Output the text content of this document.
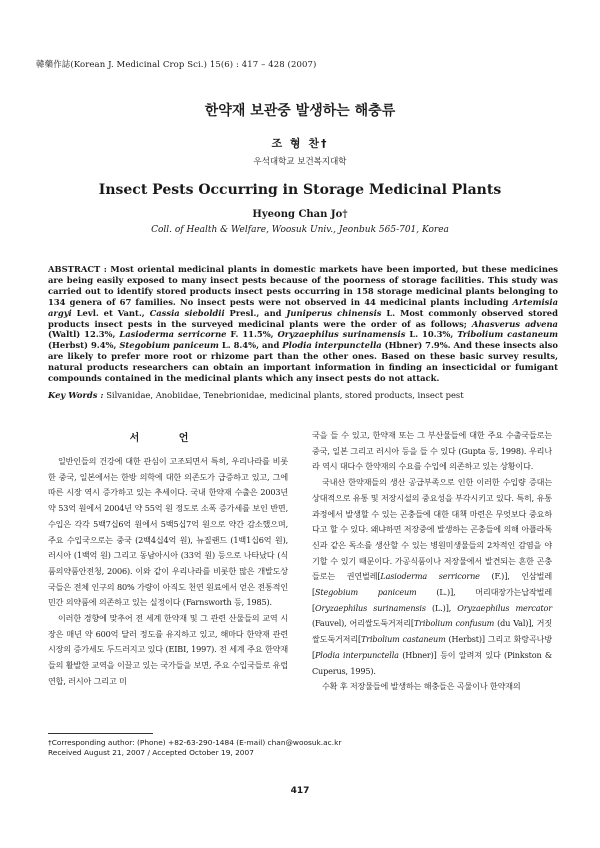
韓藥作誌(Korean J. Medicinal Crop Sci.) 15(6) : 417 – 428 (2007)
한약재 보관중 발생하는 해충류
조 형 찬†
우석대학교 보건복지대학
Insect Pests Occurring in Storage Medicinal Plants
Hyeong Chan Jo†
Coll. of Health & Welfare, Woosuk Univ., Jeonbuk 565-701, Korea
ABSTRACT : Most oriental medicinal plants in domestic markets have been imported, but these medicines are being easily exposed to many insect pests because of the poorness of storage facilities. This study was carried out to identify stored products insect pests occurring in 158 storage medicinal plants belonging to 134 genera of 67 families. No insect pests were not observed in 44 medicinal plants including Artemisia argyi Levl. et Vant., Cassia sieboldii Presl., and Juniperus chinensis L. Most commonly observed stored products insect pests in the surveyed medicinal plants were the order of as follows; Ahasverus advena (Waltl) 12.3%, Lasioderma serricorne F. 11.5%, Oryzaephilus surinamensis L. 10.3%, Tribolium castaneum (Herbst) 9.4%, Stegobium paniceum L. 8.4%, and Plodia interpunctella (Hbner) 7.9%. And these insects also are likely to prefer more root or rhizome part than the other ones. Based on these basic survey results, natural products researchers can obtain an important information in finding an insecticidal or fumigant compounds contained in the medicinal plants which any insect pests do not attack.
Key Words : Silvanidae, Anobiidae, Tenebrionidae, medicinal plants, stored products, insect pest

서 언

일반인들의 건강에 대한 관심이 고조되면서 특히, 우리나라를 비롯한 중국, 일본에서는 한방 의학에 대한 의존도가 급증하고 있고, 그에 따른 시장 역시 증가하고 있는 추세이다. 국내 한약재 수출은 2003년 약 53억 원에서 2004년 약 55억 원 정도로 소폭 증가세를 보인 반면, 수입은 각각 5백7십6억 원에서 5백5십7억 원으로 약간 감소했으며, 주요 수입국으로는 중국 (2백4십4억 원), 뉴질랜드 (1백1십6억 원), 러시아 (1백억 원) 그리고 동남아시아 (33억 원) 등으로 나타났다 (식품의약품안전청, 2006). 이와 같이 우리나라를 비롯한 많은 개발도상국들은 전체 인구의 80% 가량이 아직도 천연 원료에서 얻은 전통적인 민간 의약품에 의존하고 있는 실정이다 (Farnsworth 등, 1985).

이러한 경향에 맞추어 전 세계 한약재 및 그 관련 산물들의 교역 시장은 매년 약 600억 달러 정도를 유지하고 있고, 해마다 한약재 관련 시장의 증가세도 두드러지고 있다 (EIBI, 1997). 전 세계 주요 한약재들의 활발한 교역을 이끌고 있는 국가들을 보면, 주요 수입국들로 유럽연합, 러시아 그리고 미

국을 들 수 있고, 한약재 또는 그 부산물들에 대한 주요 수출국들로는 중국, 일본 그리고 러시아 등을 들 수 있다 (Gupta 등, 1998). 우리나라 역시 대다수 한약재의 수요를 수입에 의존하고 있는 상황이다.

국내산 한약재들의 생산 공급부족으로 인한 이러한 수입량 증대는 상대적으로 유통 및 저장시설의 중요성을 부각시키고 있다. 특히, 유통 과정에서 발생할 수 있는 곤충들에 대한 대책 마련은 무엇보다 중요하다고 할 수 있다. 왜냐하면 저장중에 발생하는 곤충들에 의해 아플라톡신과 같은 독소를 생산할 수 있는 병원미생물들의 2차적인 감염을 야기할 수 있기 때문이다. 가공식품이나 저장물에서 발견되는 흔한 곤충들로는 권연벌레[Lasioderma serricorne (F.)], 인삼벌레[Stegobium paniceum (L.)], 머리대장가는납작벌레[Oryzaephilus surinamensis (L.)], Oryzaephilus mercator (Fauvel), 어리쌀도둑거저리[Tribolium confusum (du Val)], 거짓쌀도둑거저리[Tribolium castaneum (Herbst)] 그리고 화랑곡나방[Plodia interpunctella (Hbner)] 등이 알려져 있다 (Pinkston & Cuperus, 1995).

수확 후 저장물들에 발생하는 해충들은 곡물이나 한약재의

†Corresponding author: (Phone) +82-63-290-1484 (E-mail) chan@woosuk.ac.kr
Received August 21, 2007 / Accepted October 19, 2007
417
